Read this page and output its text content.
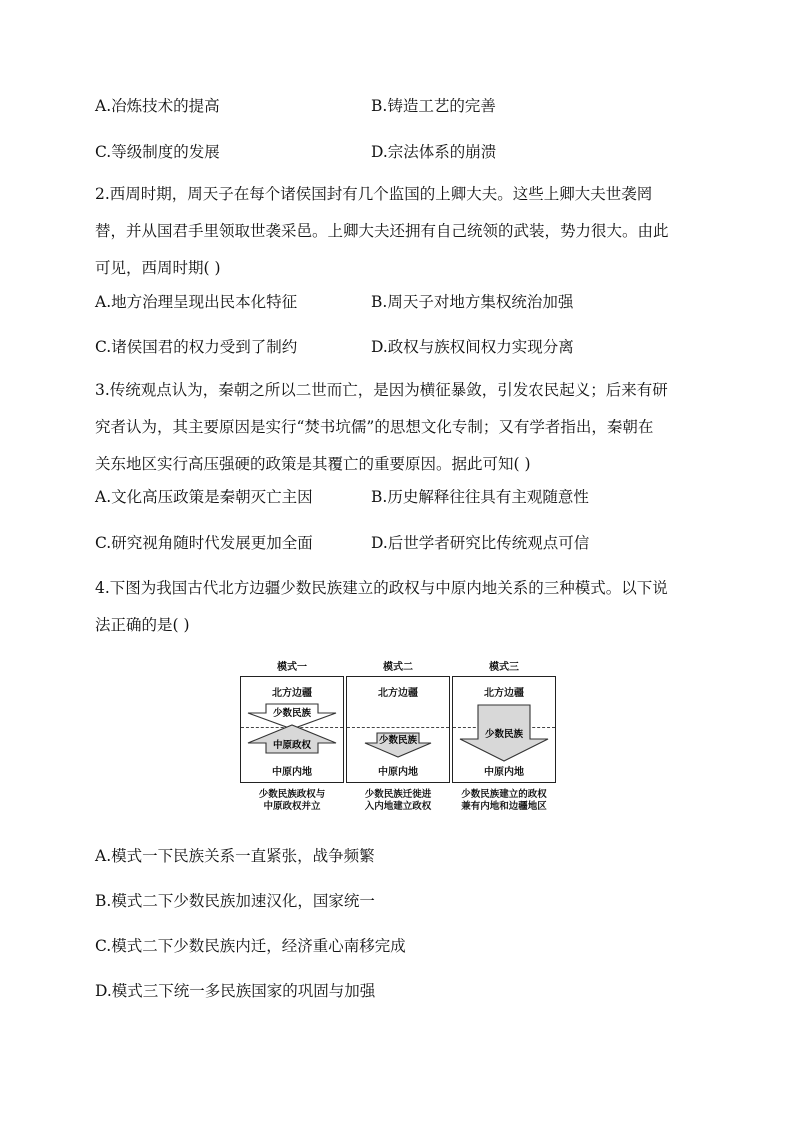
A.冶炼技术的提高	B.铸造工艺的完善
C.等级制度的发展	D.宗法体系的崩溃
2.西周时期，周天子在每个诸侯国封有几个监国的上卿大夫。这些上卿大夫世袭罔
替，并从国君手里领取世袭采邑。上卿大夫还拥有自己统领的武装，势力很大。由此
可见，西周时期( )
A.地方治理呈现出民本化特征	B.周天子对地方集权统治加强
C.诸侯国君的权力受到了制约	D.政权与族权间权力实现分离
3.传统观点认为，秦朝之所以二世而亡，是因为横征暴敛，引发农民起义；后来有研
究者认为，其主要原因是实行“焚书坑儒”的思想文化专制；又有学者指出，秦朝在
关东地区实行高压强硬的政策是其覆亡的重要原因。据此可知( )
A.文化高压政策是秦朝灭亡主因	B.历史解释往往具有主观随意性
C.研究视角随时代发展更加全面	D.后世学者研究比传统观点可信
4.下图为我国古代北方边疆少数民族建立的政权与中原内地关系的三种模式。以下说
法正确的是( )
模式一
北方边疆
少数民族
中原政权
中原内地
少数民族政权与
中原政权并立
模式二
北方边疆
少数民族
中原内地
少数民族迁徙进
入内地建立政权
模式三
北方边疆
少数民族
中原内地
少数民族建立的政权
兼有内地和边疆地区
A.模式一下民族关系一直紧张，战争频繁
B.模式二下少数民族加速汉化，国家统一
C.模式二下少数民族内迁，经济重心南移完成
D.模式三下统一多民族国家的巩固与加强
